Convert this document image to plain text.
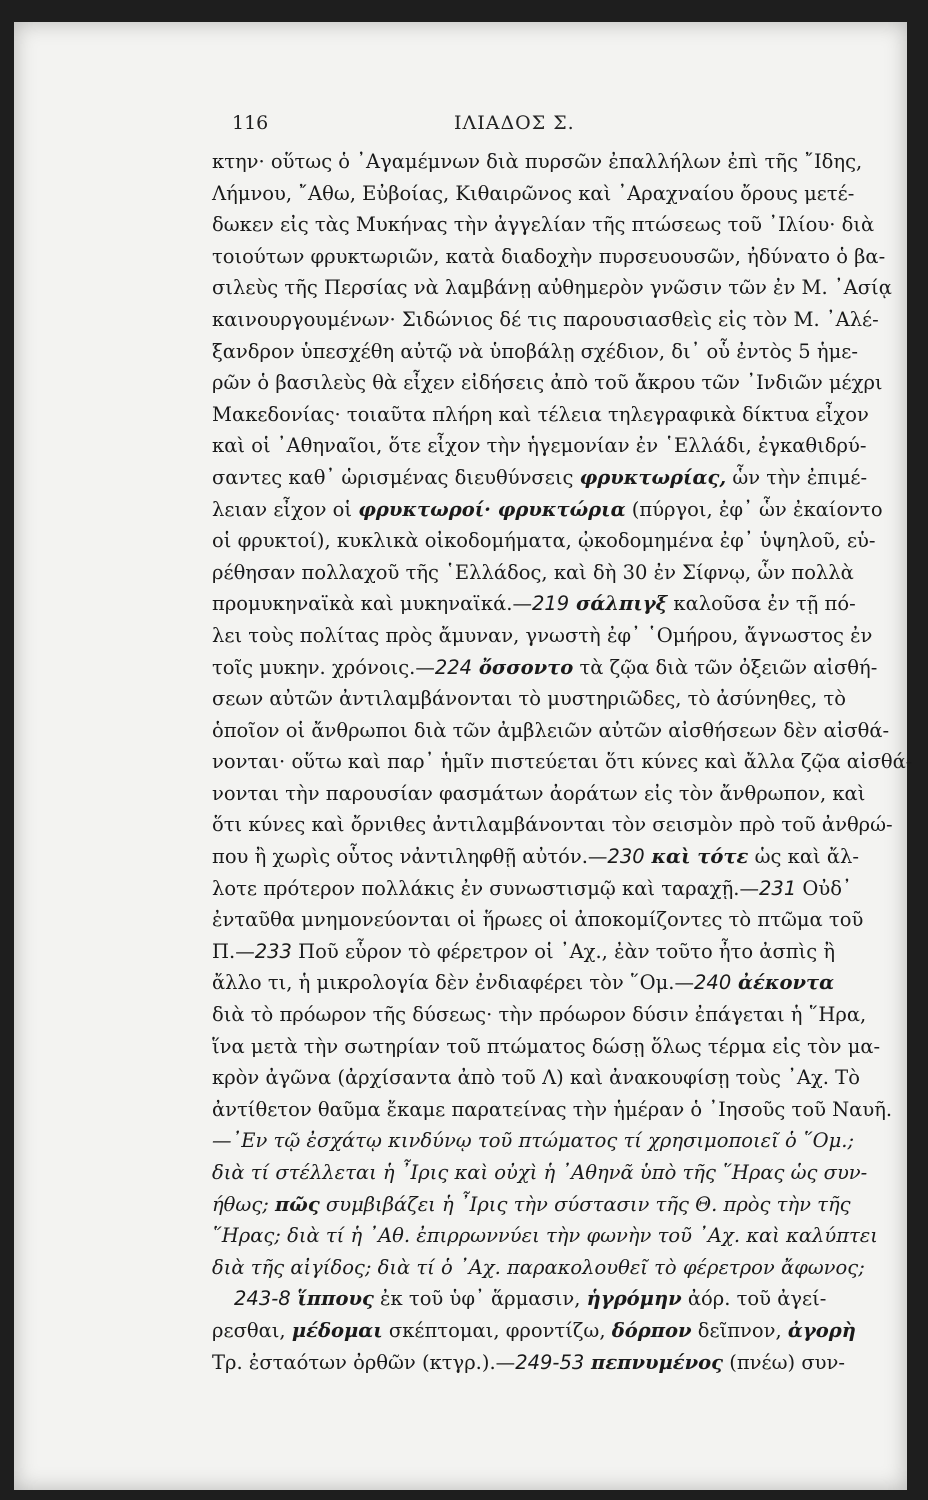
116	ΙΛΙΑΔΟΣ Σ.
κτην· οὕτως ὁ ᾿Αγαμέμνων διὰ πυρσῶν ἐπαλλήλων ἐπὶ τῆς ῎Ιδης,
Λήμνου, ῎Αθω, Εὐβοίας, Κιθαιρῶνος καὶ ᾿Αραχναίου ὄρους μετέ-
δωκεν εἰς τὰς Μυκήνας τὴν ἀγγελίαν τῆς πτώσεως τοῦ ᾿Ιλίου· διὰ
τοιούτων φρυκτωριῶν, κατὰ διαδοχὴν πυρσευουσῶν, ἠδύνατο ὁ βα-
σιλεὺς τῆς Περσίας νὰ λαμβάνῃ αὐθημερὸν γνῶσιν τῶν ἐν Μ. ᾿Ασίᾳ
καινουργουμένων· Σιδώνιος δέ τις παρουσιασθεὶς εἰς τὸν Μ. ᾿Αλέ-
ξανδρον ὑπεσχέθη αὐτῷ νὰ ὑποβάλῃ σχέδιον, δι᾿ οὗ ἐντὸς 5 ἡμε-
ρῶν ὁ βασιλεὺς θὰ εἶχεν εἰδήσεις ἀπὸ τοῦ ἄκρου τῶν ᾿Ινδιῶν μέχρι
Μακεδονίας· τοιαῦτα πλήρη καὶ τέλεια τηλεγραφικὰ δίκτυα εἶχον
καὶ οἱ ᾿Αθηναῖοι, ὅτε εἶχον τὴν ἡγεμονίαν ἐν ῾Ελλάδι, ἐγκαθιδρύ-
σαντες καθ᾿ ὡρισμένας διευθύνσεις φρυκτωρίας, ὧν τὴν ἐπιμέ-
λειαν εἶχον οἱ φρυκτωροί· φρυκτώρια (πύργοι, ἐφ᾿ ὧν ἐκαίοντο
οἱ φρυκτοί), κυκλικὰ οἰκοδομήματα, ᾠκοδομημένα ἐφ᾿ ὑψηλοῦ, εὑ-
ρέθησαν πολλαχοῦ τῆς ῾Ελλάδος, καὶ δὴ 30 ἐν Σίφνῳ, ὧν πολλὰ
προμυκηναϊκὰ καὶ μυκηναϊκά.—219 σάλπιγξ καλοῦσα ἐν τῇ πό-
λει τοὺς πολίτας πρὸς ἄμυναν, γνωστὴ ἐφ᾿ ῾Ομήρου, ἄγνωστος ἐν
τοῖς μυκην. χρόνοις.—224 ὄσσοντο τὰ ζῷα διὰ τῶν ὀξειῶν αἰσθή-
σεων αὐτῶν ἀντιλαμβάνονται τὸ μυστηριῶδες, τὸ ἀσύνηθες, τὸ
ὁποῖον οἱ ἄνθρωποι διὰ τῶν ἀμβλειῶν αὐτῶν αἰσθήσεων δὲν αἰσθά-
νονται· οὕτω καὶ παρ᾿ ἡμῖν πιστεύεται ὅτι κύνες καὶ ἄλλα ζῷα αἰσθά-
νονται τὴν παρουσίαν φασμάτων ἀοράτων εἰς τὸν ἄνθρωπον, καὶ
ὅτι κύνες καὶ ὄρνιθες ἀντιλαμβάνονται τὸν σεισμὸν πρὸ τοῦ ἀνθρώ-
που ἢ χωρὶς οὗτος νἀντιληφθῇ αὐτόν.—230 καὶ τότε ὡς καὶ ἄλ-
λοτε πρότερον πολλάκις ἐν συνωστισμῷ καὶ ταραχῇ.—231 Οὐδ᾿
ἐνταῦθα μνημονεύονται οἱ ἥρωες οἱ ἀποκομίζοντες τὸ πτῶμα τοῦ
Π.—233 Ποῦ εὗρον τὸ φέρετρον οἱ ᾿Αχ., ἐὰν τοῦτο ἦτο ἀσπὶς ἢ
ἄλλο τι, ἡ μικρολογία δὲν ἐνδιαφέρει τὸν ῞Ομ.—240 ἀέκοντα
διὰ τὸ πρόωρον τῆς δύσεως· τὴν πρόωρον δύσιν ἐπάγεται ἡ ῞Ηρα,
ἵνα μετὰ τὴν σωτηρίαν τοῦ πτώματος δώσῃ ὅλως τέρμα εἰς τὸν μα-
κρὸν ἀγῶνα (ἀρχίσαντα ἀπὸ τοῦ Λ) καὶ ἀνακουφίσῃ τοὺς ᾿Αχ. Τὸ
ἀντίθετον θαῦμα ἔκαμε παρατείνας τὴν ἡμέραν ὁ ᾿Ιησοῦς τοῦ Ναυῆ.
—᾿Εν τῷ ἐσχάτῳ κινδύνῳ τοῦ πτώματος τί χρησιμοποιεῖ ὁ ῞Ομ.;
διὰ τί στέλλεται ἡ ῏Ιρις καὶ οὐχὶ ἡ ᾿Αθηνᾶ ὑπὸ τῆς ῞Ηρας ὡς συν-
ήθως; πῶς συμβιβάζει ἡ ῏Ιρις τὴν σύστασιν τῆς Θ. πρὸς τὴν τῆς
῞Ηρας; διὰ τί ἡ ᾿Αθ. ἐπιρρωννύει τὴν φωνὴν τοῦ ᾿Αχ. καὶ καλύπτει
διὰ τῆς αἰγίδος; διὰ τί ὁ ᾿Αχ. παρακολουθεῖ τὸ φέρετρον ἄφωνος;
243-8 ἵππους ἐκ τοῦ ὑφ᾿ ἅρμασιν, ἡγρόμην ἀόρ. τοῦ ἀγεί-
ρεσθαι, μέδομαι σκέπτομαι, φροντίζω, δόρπον δεῖπνον, ἀγορὴ
Τρ. ἐσταότων ὀρθῶν (κτγρ.).—249-53 πεπνυμένος (πνέω) συν-
